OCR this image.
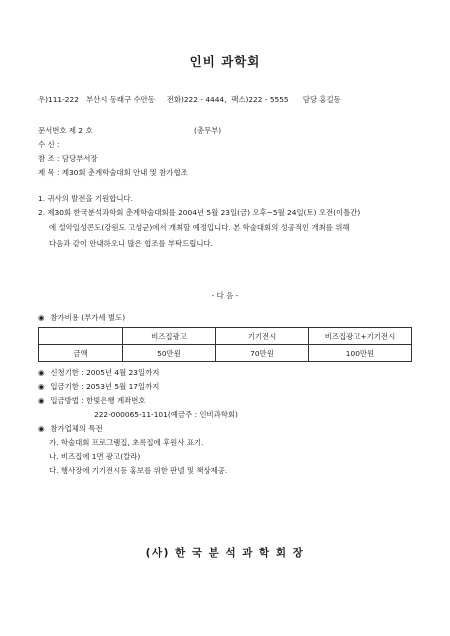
인비 과학회
우)111-222 부산시 동래구 수안동 전화)222 - 4444, 팩스)222 - 5555 담당 홍길동
문서번호 제 2 호	(총무부)
수 신 :
참 조 : 담당부서장
제 목 : 제30회 춘계학술대회 안내 및 참가협조
1. 귀사의 발전을 기원합니다.
2. 제30회 한국분석과학회 춘계학술대회를 2004년 5월 23일(금) 오후~5월 24일(토) 오전(이틀간)
에 설악일성콘도(강원도 고성군)에서 개최할 예정입니다. 본 학술대회의 성공적인 개최를 위해
다음과 같이 안내하오니 많은 협조를 부탁드립니다.
- 다 음 -
◉ 참가비용 (부가세 별도)
	비즈집광고	기기전시	비즈집광고+기기전시
금액	50만원	70만원	100만원
◉ 신청기한 : 2005년 4월 23일까지
◉ 입금기한 : 2053년 5월 17일까지
◉ 입금방법 : 한빛은행 계좌번호
222-000065-11-101(예금주 : 인비과학회)
◉ 참가업체의 특전
가. 학술대회 프로그램집, 초록집에 후원사 표기.
나. 비즈집에 1면 광고(칼라)
다. 행사장에 기기전시등 홍보를 위한 판넬 및 책상제공.
(사) 한 국 분 석 과 학 회 장
